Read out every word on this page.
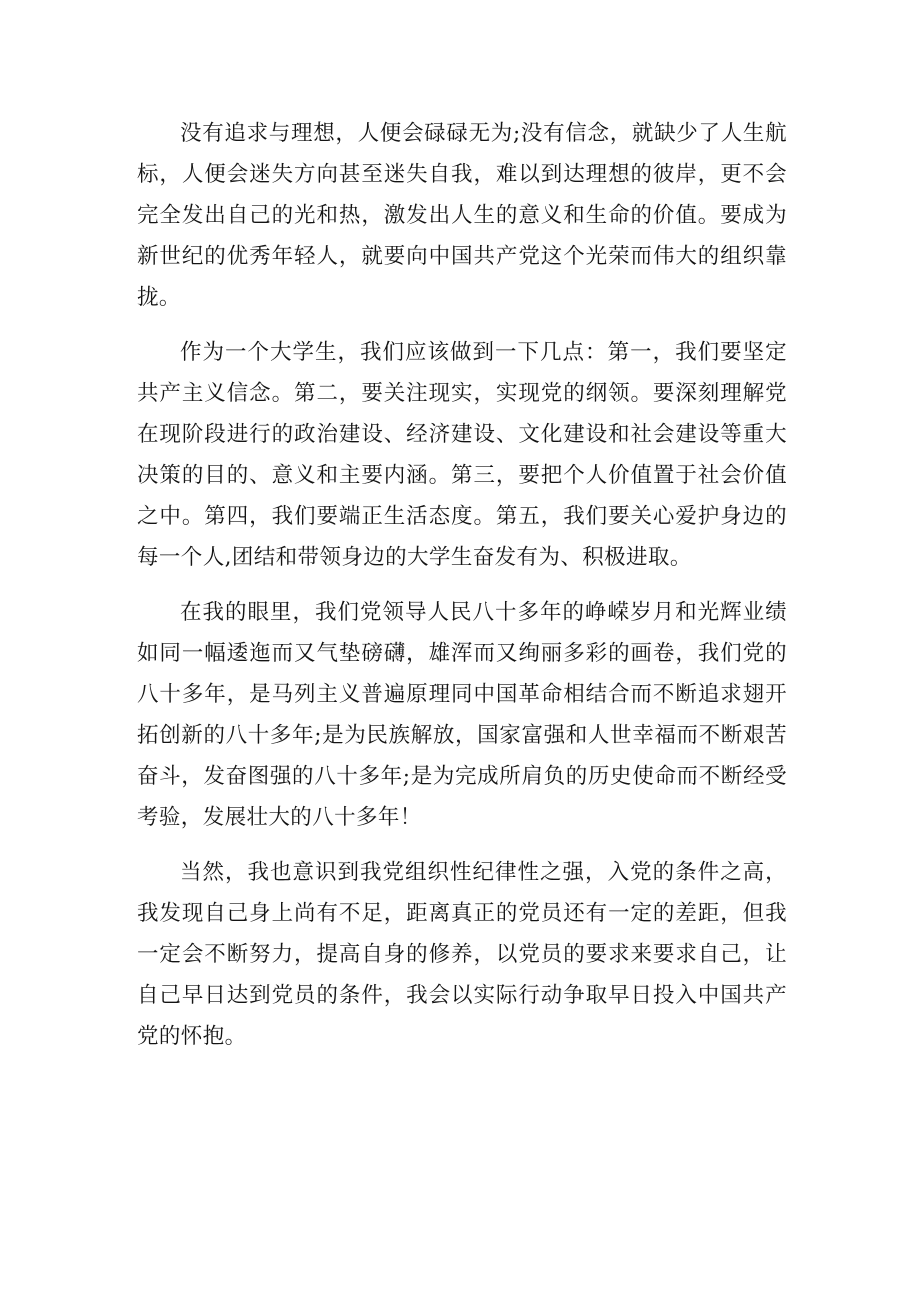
没有追求与理想，人便会碌碌无为;没有信念，就缺少了人生航标，人便会迷失方向甚至迷失自我，难以到达理想的彼岸，更不会完全发出自己的光和热，激发出人生的意义和生命的价值。要成为新世纪的优秀年轻人，就要向中国共产党这个光荣而伟大的组织靠拢。

作为一个大学生，我们应该做到一下几点：第一，我们要坚定共产主义信念。第二，要关注现实，实现党的纲领。要深刻理解党在现阶段进行的政治建设、经济建设、文化建设和社会建设等重大决策的目的、意义和主要内涵。第三，要把个人价值置于社会价值之中。第四，我们要端正生活态度。第五，我们要关心爱护身边的每一个人,团结和带领身边的大学生奋发有为、积极进取。

在我的眼里，我们党领导人民八十多年的峥嵘岁月和光辉业绩如同一幅逶迤而又气垫磅礴，雄浑而又绚丽多彩的画卷，我们党的八十多年，是马列主义普遍原理同中国革命相结合而不断追求翅开拓创新的八十多年;是为民族解放，国家富强和人世幸福而不断艰苦奋斗，发奋图强的八十多年;是为完成所肩负的历史使命而不断经受考验，发展壮大的八十多年！

当然，我也意识到我党组织性纪律性之强，入党的条件之高，我发现自己身上尚有不足，距离真正的党员还有一定的差距，但我一定会不断努力，提高自身的修养，以党员的要求来要求自己，让自己早日达到党员的条件，我会以实际行动争取早日投入中国共产党的怀抱。
